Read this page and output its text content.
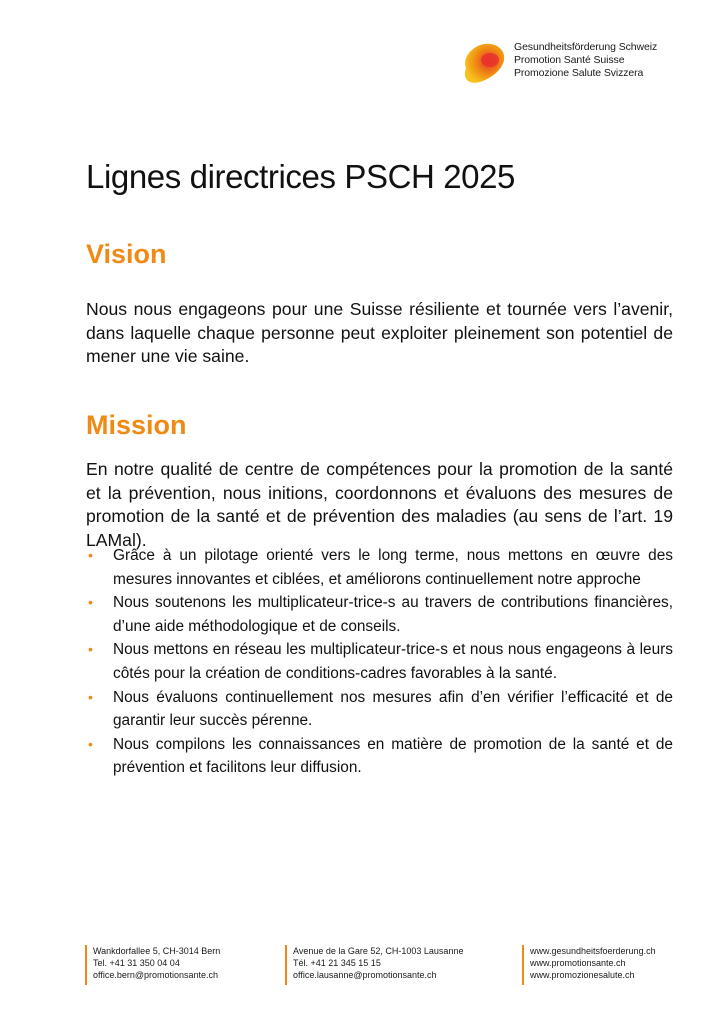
Gesundheitsförderung Schweiz
Promotion Santé Suisse
Promozione Salute Svizzera
Lignes directrices PSCH 2025
Vision

Nous nous engageons pour une Suisse résiliente et tournée vers l’avenir, dans laquelle chaque personne peut exploiter pleinement son potentiel de mener une vie saine.

Mission

En notre qualité de centre de compétences pour la promotion de la santé et la prévention, nous initions, coordonnons et évaluons des mesures de promotion de la santé et de prévention des maladies (au sens de l’art. 19 LAMal).

• Grâce à un pilotage orienté vers le long terme, nous mettons en œuvre des mesures innovantes et ciblées, et améliorons continuellement notre approche
• Nous soutenons les multiplicateur-trice-s au travers de contributions financières, d’une aide méthodologique et de conseils.
• Nous mettons en réseau les multiplicateur-trice-s et nous nous engageons à leurs côtés pour la création de conditions-cadres favorables à la santé.
• Nous évaluons continuellement nos mesures afin d’en vérifier l’efficacité et de garantir leur succès pérenne.
• Nous compilons les connaissances en matière de promotion de la santé et de prévention et facilitons leur diffusion.
Wankdorfallee 5, CH-3014 Bern
Tel. +41 31 350 04 04
office.bern@promotionsante.ch
Avenue de la Gare 52, CH-1003 Lausanne
Tél. +41 21 345 15 15
office.lausanne@promotionsante.ch
www.gesundheitsfoerderung.ch
www.promotionsante.ch
www.promozionesalute.ch
